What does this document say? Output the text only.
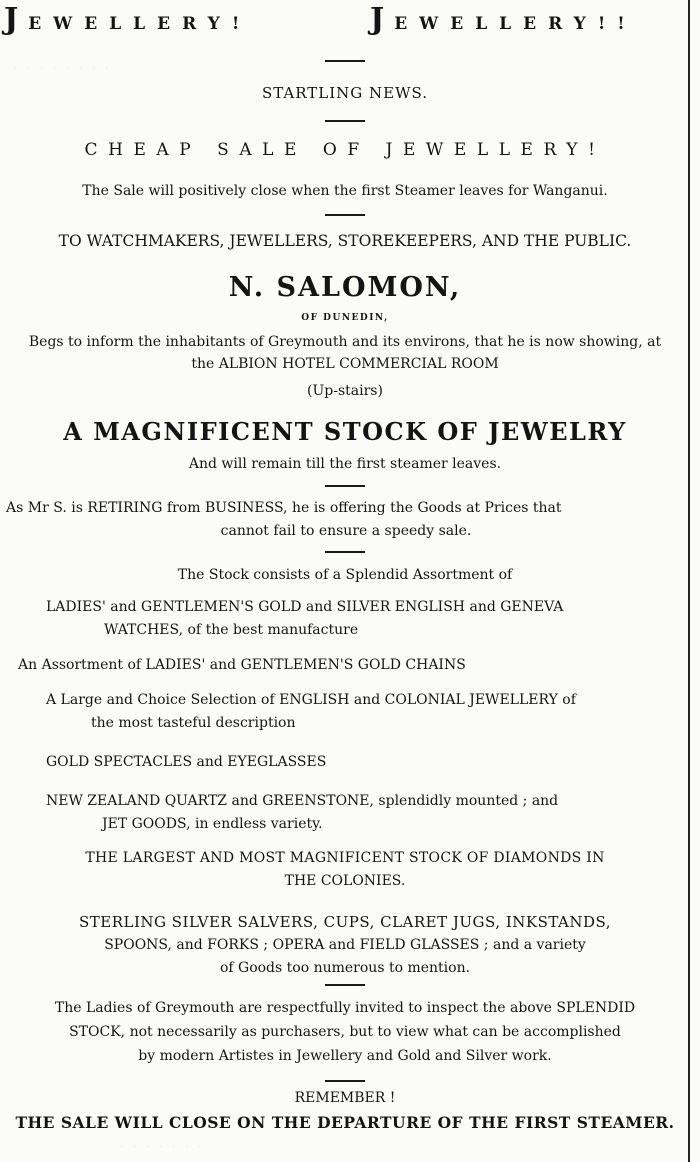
JEWELLERY!	JEWELLERY!!
· · · · · · · ·
STARTLING NEWS.
CHEAP SALE OF JEWELLERY!
The Sale will positively close when the first Steamer leaves for Wanganui.
TO WATCHMAKERS, JEWELLERS, STOREKEEPERS, AND THE PUBLIC.
N. SALOMON,
OF DUNEDIN,
Begs to inform the inhabitants of Greymouth and its environs, that he is now showing, at the ALBION HOTEL COMMERCIAL ROOM
(Up-stairs)
A MAGNIFICENT STOCK OF JEWELRY
And will remain till the first steamer leaves.
As Mr S. is RETIRING from BUSINESS, he is offering the Goods at Prices that
cannot fail to ensure a speedy sale.
The Stock consists of a Splendid Assortment of
LADIES' and GENTLEMEN'S GOLD and SILVER ENGLISH and GENEVA
WATCHES, of the best manufacture
An Assortment of LADIES' and GENTLEMEN'S GOLD CHAINS
A Large and Choice Selection of ENGLISH and COLONIAL JEWELLERY of
the most tasteful description
GOLD SPECTACLES and EYEGLASSES
NEW ZEALAND QUARTZ and GREENSTONE, splendidly mounted ; and
JET GOODS, in endless variety.
THE LARGEST AND MOST MAGNIFICENT STOCK OF DIAMONDS IN
THE COLONIES.
STERLING SILVER SALVERS, CUPS, CLARET JUGS, INKSTANDS,
SPOONS, and FORKS ; OPERA and FIELD GLASSES ; and a variety
of Goods too numerous to mention.
The Ladies of Greymouth are respectfully invited to inspect the above SPLENDID
STOCK, not necessarily as purchasers, but to view what can be accomplished
by modern Artistes in Jewellery and Gold and Silver work.
REMEMBER !
THE SALE WILL CLOSE ON THE DEPARTURE OF THE FIRST STEAMER.
· · · · · · ·
